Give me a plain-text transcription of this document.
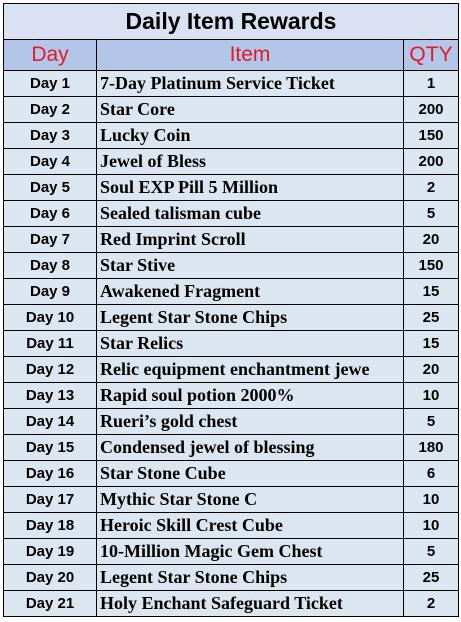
Daily Item Rewards		
Day	Item	QTY
Day 1	7-Day Platinum Service Ticket	1
Day 2	Star Core	200
Day 3	Lucky Coin	150
Day 4	Jewel of Bless	200
Day 5	Soul EXP Pill 5 Million	2
Day 6	Sealed talisman cube	5
Day 7	Red Imprint Scroll	20
Day 8	Star Stive	150
Day 9	Awakened Fragment	15
Day 10	Legent Star Stone Chips	25
Day 11	Star Relics	15
Day 12	Relic equipment enchantment jewe	20
Day 13	Rapid soul potion 2000%	10
Day 14	Rueri’s gold chest	5
Day 15	Condensed jewel of blessing	180
Day 16	Star Stone Cube	6
Day 17	Mythic Star Stone C	10
Day 18	Heroic Skill Crest Cube	10
Day 19	10-Million Magic Gem Chest	5
Day 20	Legent Star Stone Chips	25
Day 21	Holy Enchant Safeguard Ticket	2
